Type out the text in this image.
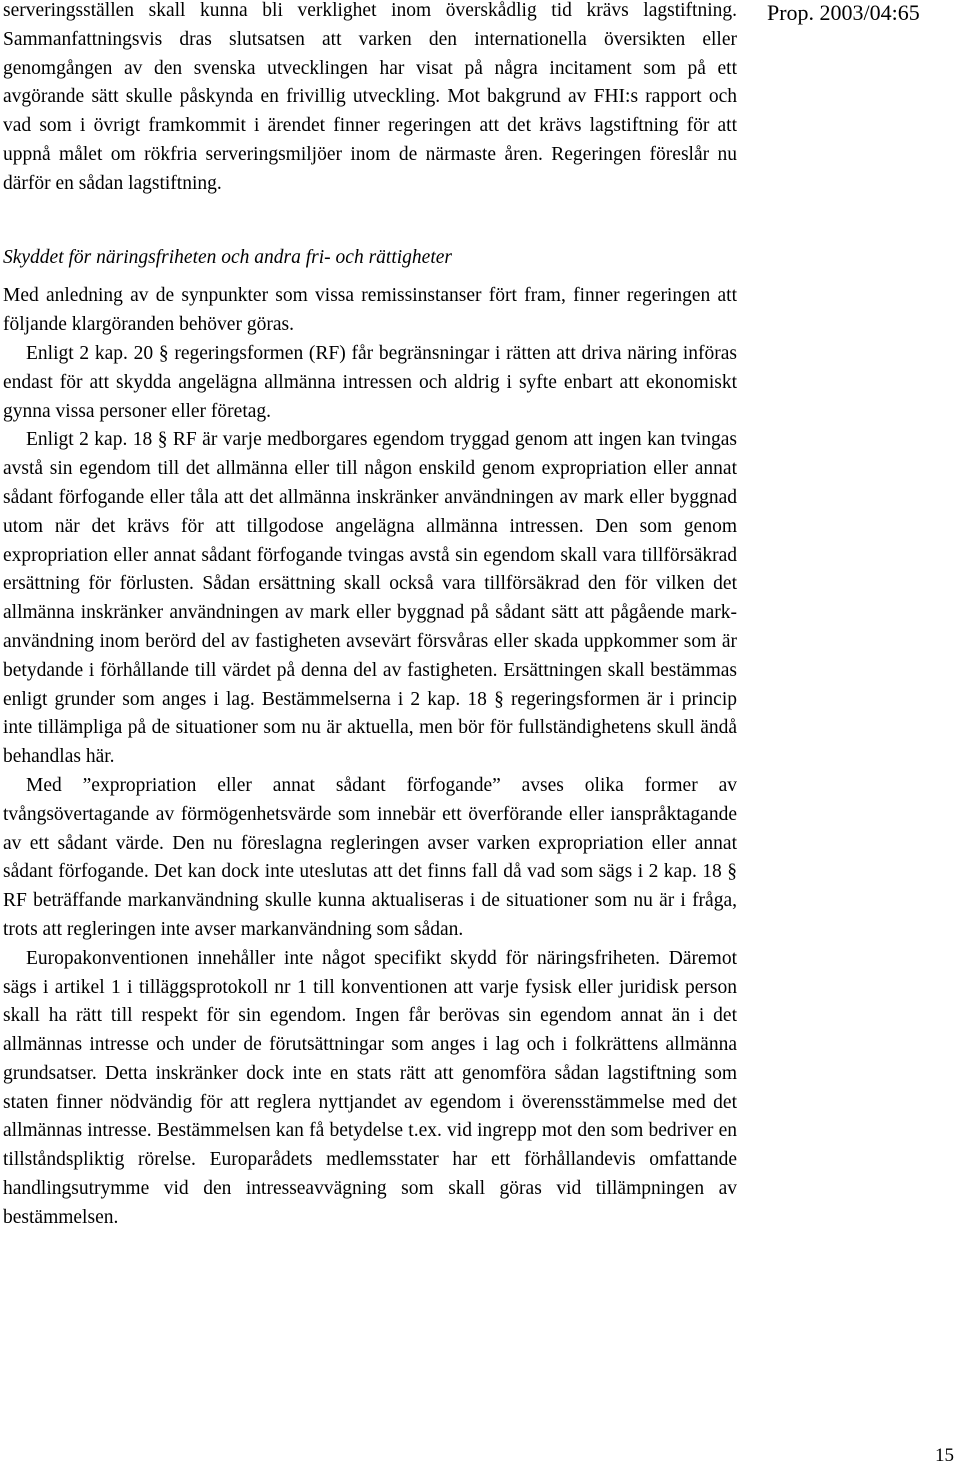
Prop. 2003/04:65

serveringsställen skall kunna bli verklighet inom överskådlig tid krävs lagstiftning. Sammanfattningsvis dras slutsatsen att varken den internationella översikten eller genomgången av den svenska utvecklingen har visat på några incitament som på ett avgörande sätt skulle påskynda en frivillig utveckling. Mot bakgrund av FHI:s rapport och vad som i övrigt framkommit i ärendet finner regeringen att det krävs lagstiftning för att uppnå målet om rökfria serveringsmiljöer inom de närmaste åren. Regeringen föreslår nu därför en sådan lagstiftning.

Skyddet för näringsfriheten och andra fri- och rättigheter

Med anledning av de synpunkter som vissa remissinstanser fört fram, finner regeringen att följande klargöranden behöver göras.

Enligt 2 kap. 20 § regeringsformen (RF) får begränsningar i rätten att driva näring införas endast för att skydda angelägna allmänna intressen och aldrig i syfte enbart att ekonomiskt gynna vissa personer eller företag.

Enligt 2 kap. 18 § RF är varje medborgares egendom tryggad genom att ingen kan tvingas avstå sin egendom till det allmänna eller till någon enskild genom expropriation eller annat sådant förfogande eller tåla att det allmänna inskränker användningen av mark eller byggnad utom när det krävs för att tillgodose angelägna allmänna intressen. Den som genom expropriation eller annat sådant förfogande tvingas avstå sin egendom skall vara tillförsäkrad ersättning för förlusten. Sådan ersättning skall också vara tillförsäkrad den för vilken det allmänna inskränker användningen av mark eller byggnad på sådant sätt att pågående markanvändning inom berörd del av fastigheten avsevärt försvåras eller skada uppkommer som är betydande i förhållande till värdet på denna del av fastigheten. Ersättningen skall bestämmas enligt grunder som anges i lag. Bestämmelserna i 2 kap. 18 § regeringsformen är i princip inte tillämpliga på de situationer som nu är aktuella, men bör för fullständighetens skull ändå behandlas här.

Med ”expropriation eller annat sådant förfogande” avses olika former av tvångsövertagande av förmögenhetsvärde som innebär ett överförande eller ianspråktagande av ett sådant värde. Den nu föreslagna regleringen avser varken expropriation eller annat sådant förfogande. Det kan dock inte uteslutas att det finns fall då vad som sägs i 2 kap. 18 § RF beträffande markanvändning skulle kunna aktualiseras i de situationer som nu är i fråga, trots att regleringen inte avser markanvändning som sådan.

Europakonventionen innehåller inte något specifikt skydd för näringsfriheten. Däremot sägs i artikel 1 i tilläggsprotokoll nr 1 till konventionen att varje fysisk eller juridisk person skall ha rätt till respekt för sin egendom. Ingen får berövas sin egendom annat än i det allmännas intresse och under de förutsättningar som anges i lag och i folkrättens allmänna grundsatser. Detta inskränker dock inte en stats rätt att genomföra sådan lagstiftning som staten finner nödvändig för att reglera nyttjandet av egendom i överensstämmelse med det allmännas intresse. Bestämmelsen kan få betydelse t.ex. vid ingrepp mot den som bedriver en tillståndspliktig rörelse. Europarådets medlemsstater har ett förhållandevis omfattande handlingsutrymme vid den intresseavvägning som skall göras vid tillämpningen av bestämmelsen.

15
